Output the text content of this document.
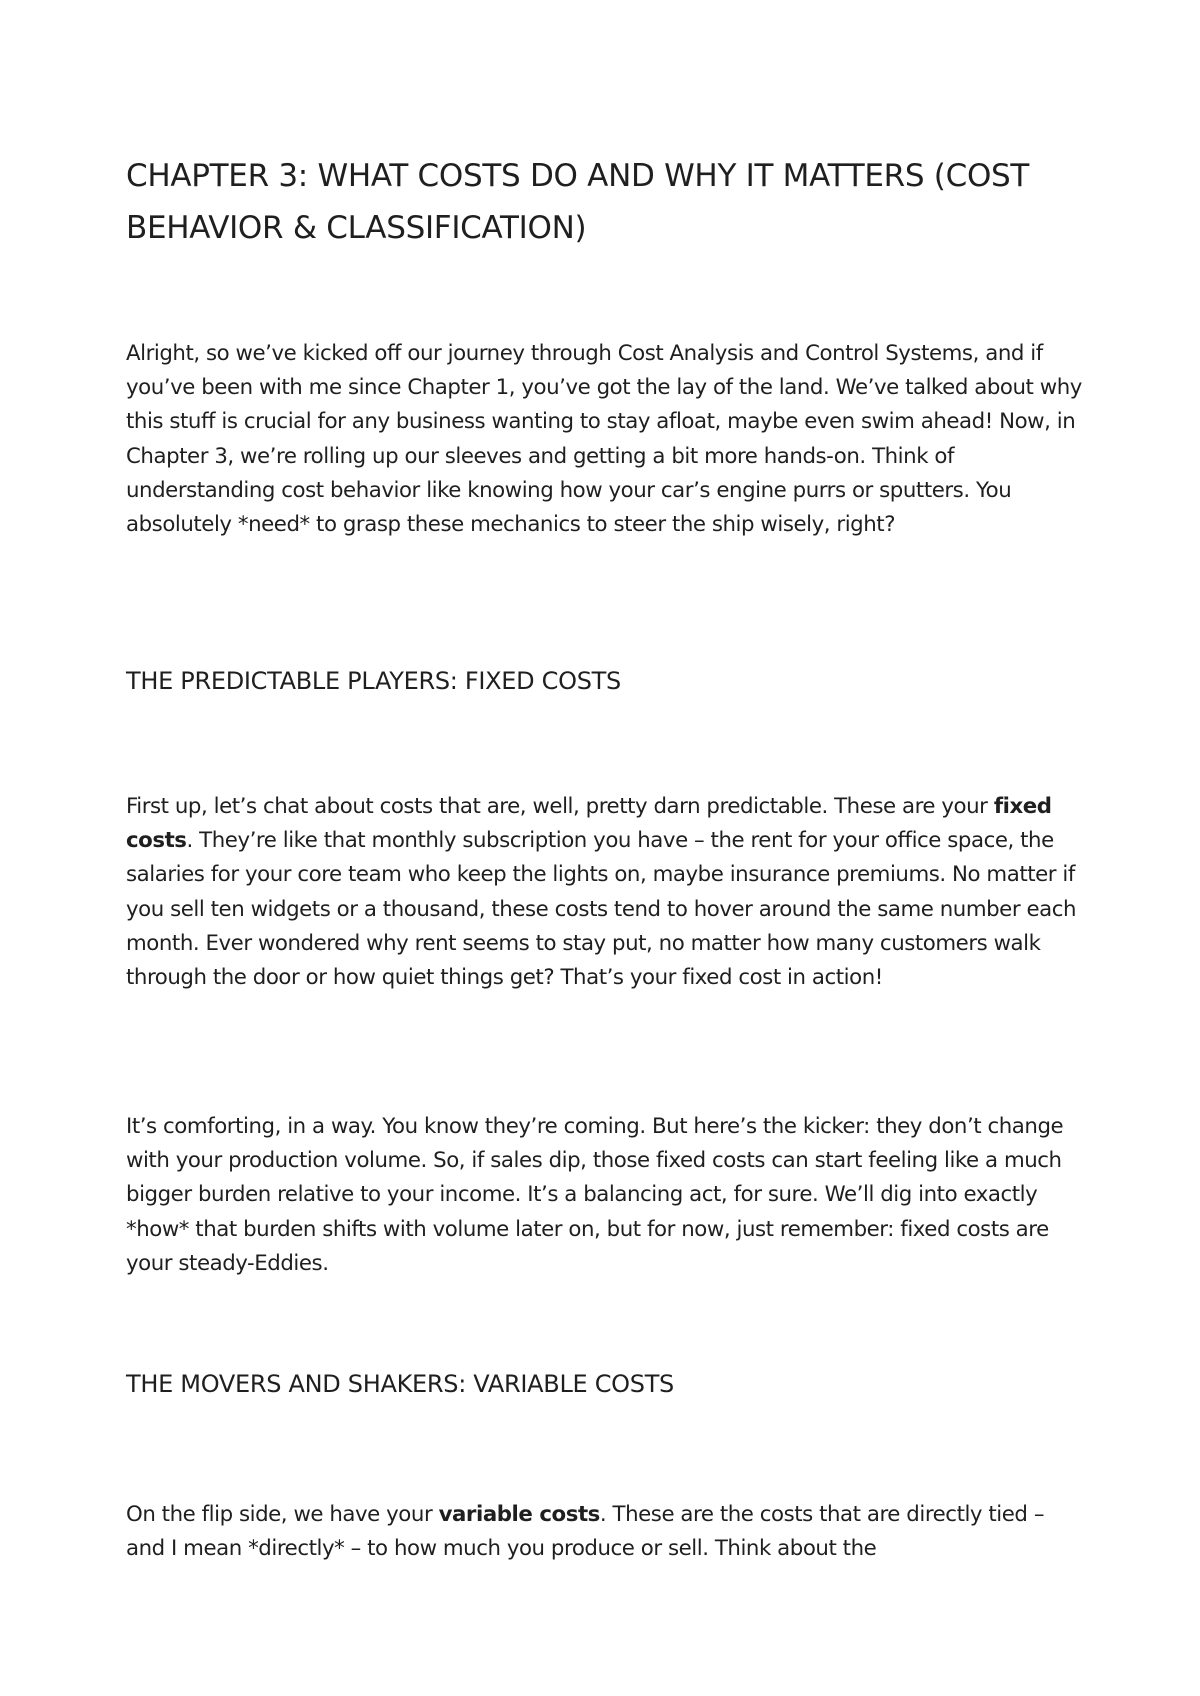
CHAPTER 3: WHAT COSTS DO AND WHY IT MATTERS (COST BEHAVIOR & CLASSIFICATION)

Alright, so we’ve kicked off our journey through Cost Analysis and Control Systems, and if you’ve been with me since Chapter 1, you’ve got the lay of the land. We’ve talked about why this stuff is crucial for any business wanting to stay afloat, maybe even swim ahead! Now, in Chapter 3, we’re rolling up our sleeves and getting a bit more hands-on. Think of understanding cost behavior like knowing how your car’s engine purrs or sputters. You absolutely *need* to grasp these mechanics to steer the ship wisely, right?

THE PREDICTABLE PLAYERS: FIXED COSTS

First up, let’s chat about costs that are, well, pretty darn predictable. These are your fixed costs. They’re like that monthly subscription you have – the rent for your office space, the salaries for your core team who keep the lights on, maybe insurance premiums. No matter if you sell ten widgets or a thousand, these costs tend to hover around the same number each month. Ever wondered why rent seems to stay put, no matter how many customers walk through the door or how quiet things get? That’s your fixed cost in action!

It’s comforting, in a way. You know they’re coming. But here’s the kicker: they don’t change with your production volume. So, if sales dip, those fixed costs can start feeling like a much bigger burden relative to your income. It’s a balancing act, for sure. We’ll dig into exactly *how* that burden shifts with volume later on, but for now, just remember: fixed costs are your steady-Eddies.

THE MOVERS AND SHAKERS: VARIABLE COSTS

On the flip side, we have your variable costs. These are the costs that are directly tied – and I mean *directly* – to how much you produce or sell. Think about the
